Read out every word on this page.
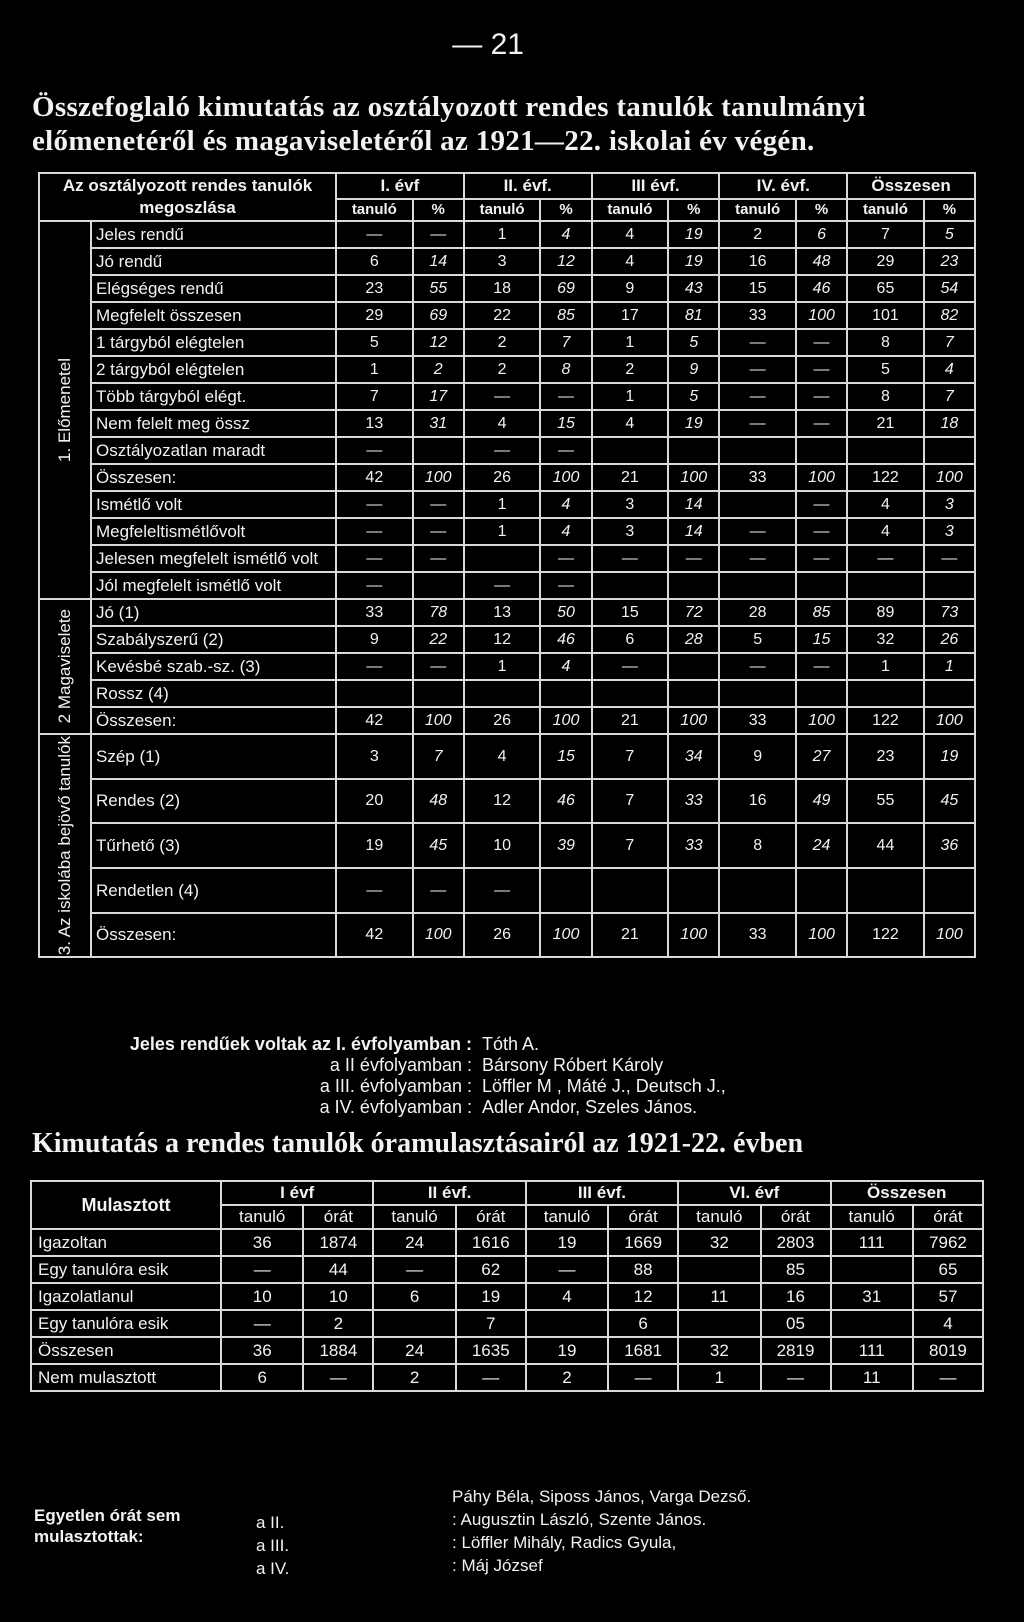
— 21
Összefoglaló kimutatás az osztályozott rendes tanulók tanulmányi előmenetéről és magaviseletéről az 1921—22. iskolai év végén.
Az osztályozott rendes tanulók megoszlása		I. évf		II. évf.		III évf.		IV. évf.		Összesen	
		tanuló	%	tanuló	%	tanuló	%	tanuló	%	tanuló	%

1. Előmenetel	Jeles rendű	—	—	1	4	4	19	2	6	7	5
	Jó rendű	6	14	3	12	4	19	16	48	29	23
	Elégséges rendű	23	55	18	69	9	43	15	46	65	54
	Megfelelt összesen	29	69	22	85	17	81	33	100	101	82
	1 tárgyból elégtelen	5	12	2	7	1	5	—	—	8	7
	2 tárgyból elégtelen	1	2	2	8	2	9	—	—	5	4
	Több tárgyból elégt.	7	17	—	—	1	5	—	—	8	7
	Nem felelt meg össz	13	31	4	15	4	19	—	—	21	18
	Osztályozatlan maradt	—		—	—						
	Összesen:	42	100	26	100	21	100	33	100	122	100
	Ismétlő volt	—	—	1	4	3	14		—	4	3
	Megfeleltismétlővolt	—	—	1	4	3	14	—	—	4	3
	Jelesen megfelelt ismétlő volt	—	—		—	—	—	—	—	—	—
	Jól megfelelt ismétlő volt	—		—	—						

2 Magaviselete	Jó (1)	33	78	13	50	15	72	28	85	89	73
	Szabályszerű (2)	9	22	12	46	6	28	5	15	32	26
	Kevésbé szab.-sz. (3)	—	—	1	4	—		—	—	1	1
	Rossz (4)										
	Összesen:	42	100	26	100	21	100	33	100	122	100

3. Az iskolába bejövő tanulók	Szép (1)	3	7	4	15	7	34	9	27	23	19
	Rendes (2)	20	48	12	46	7	33	16	49	55	45
	Tűrhető (3)	19	45	10	39	7	33	8	24	44	36
	Rendetlen (4)	—	—	—							
	Összesen:	42	100	26	100	21	100	33	100	122	100
Jeles rendűek voltak az I. évfolyamban : Tóth A.
a II évfolyamban : Bársony Róbert Károly
a III. évfolyamban : Löffler M , Máté J., Deutsch J.,
a IV. évfolyamban : Adler Andor, Szeles János.
Kimutatás a rendes tanulók óramulasztásairól az 1921-22. évben
Mulasztott	I évf		II évf.		III évf.		VI. évf		Összesen	
	tanuló	órát	tanuló	órát	tanuló	órát	tanuló	órát	tanuló	órát
Igazoltan	36	1874	24	1616	19	1669	32	2803	111	7962
Egy tanulóra esik	—	44	—	62	—	88		85		65
Igazolatlanul	10	10	6	19	4	12	11	16	31	57
Egy tanulóra esik	—	2		7		6		05		4
Összesen	36	1884	24	1635	19	1681	32	2819	111	8019
Nem mulasztott	6	—	2	—	2	—	1	—	11	—
Egyetlen órát sem mulasztottak:
a II.
a III.
a IV.
Páhy Béla, Siposs János, Varga Dezső.
: Augusztin László, Szente János.
: Löffler Mihály, Radics Gyula,
: Máj József
